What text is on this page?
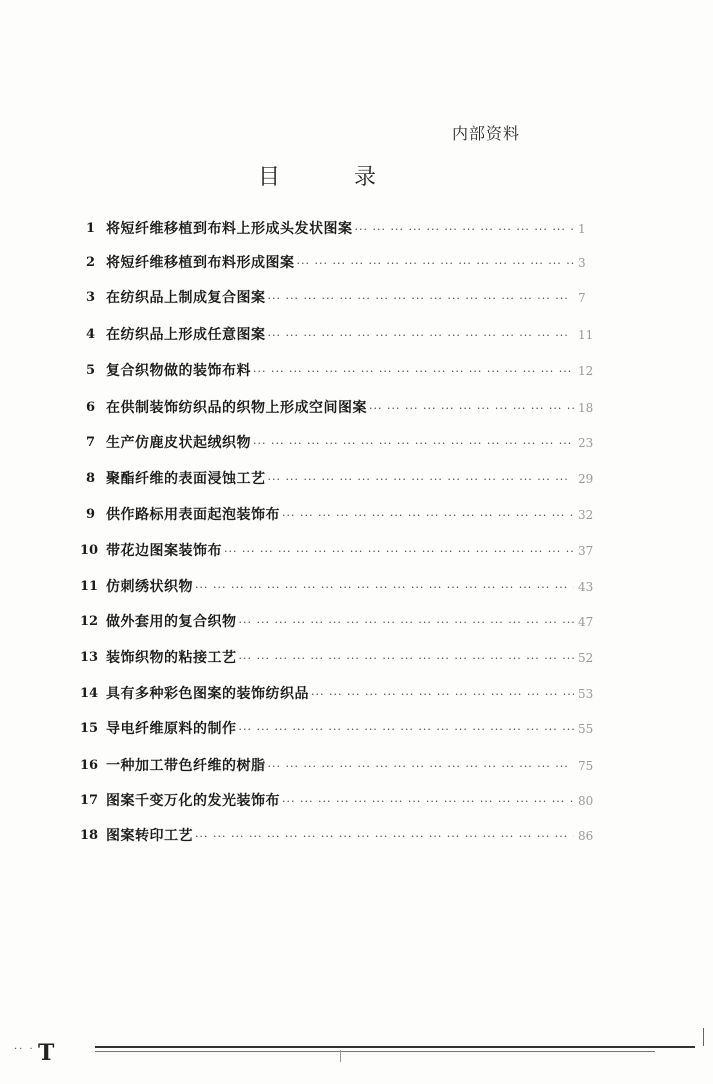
内部资料
目	录
1 将短纤维移植到布料上形成头发状图案 ··· ·	1
2 将短纤维移植到布料形成图案 ··· ·	3
3 在纺织品上制成复合图案 ··· ·	7
4 在纺织品上形成任意图案 ··· ·	11
5 复合织物做的装饰布料 ··· ·	12
6 在供制装饰纺织品的织物上形成空间图案 ··· ·	18
7 生产仿鹿皮状起绒织物 ··· ·	23
8 聚酯纤维的表面浸蚀工艺 ··· ·	29
9 供作路标用表面起泡装饰布 ··· ·	32
10 带花边图案装饰布 ··· ·	37
11 仿刺绣状织物 ··· ·	43
12 做外套用的复合织物 ··· ·	47
13 装饰织物的粘接工艺 ··· ·	52
14 具有多种彩色图案的装饰纺织品 ··· ·	53
15 导电纤维原料的制作 ··· ·	55
16 一种加工带色纤维的树脂 ··· ·	75
17 图案千变万化的发光装饰布 ··· ·	80
18 图案转印工艺 ··· ·	86
·· · T
